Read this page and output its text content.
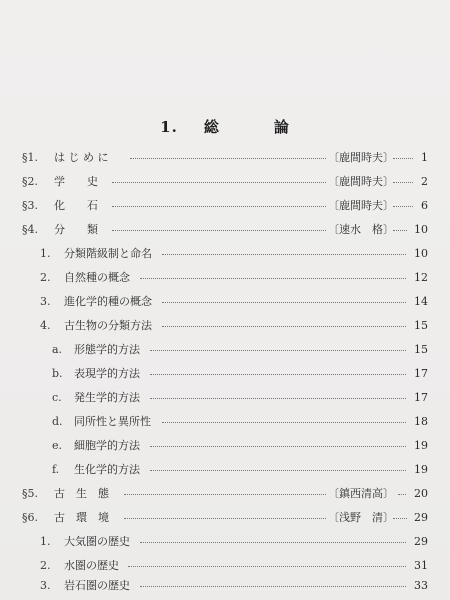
1. 総	論
§1. は じ め に	〔鹿間時夫〕 1
§2. 学　　史	〔鹿間時夫〕 2
§3. 化　　石	〔鹿間時夫〕 6
§4. 分　　類	〔速水　格〕 10
1. 分類階級制と命名	10
2. 自然種の概念	12
3. 進化学的種の概念	14
4. 古生物の分類方法	15
a. 形態学的方法	15
b. 表現学的方法	17
c. 発生学的方法	17
d. 同所性と異所性	18
e. 細胞学的方法	19
f. 生化学的方法	19
§5. 古　生　態	〔鎮西清高〕 20
§6. 古　環　境	〔浅野　清〕 29
1. 大気圏の歴史	29
2. 水圏の歴史	31
3. 岩石圏の歴史	33
